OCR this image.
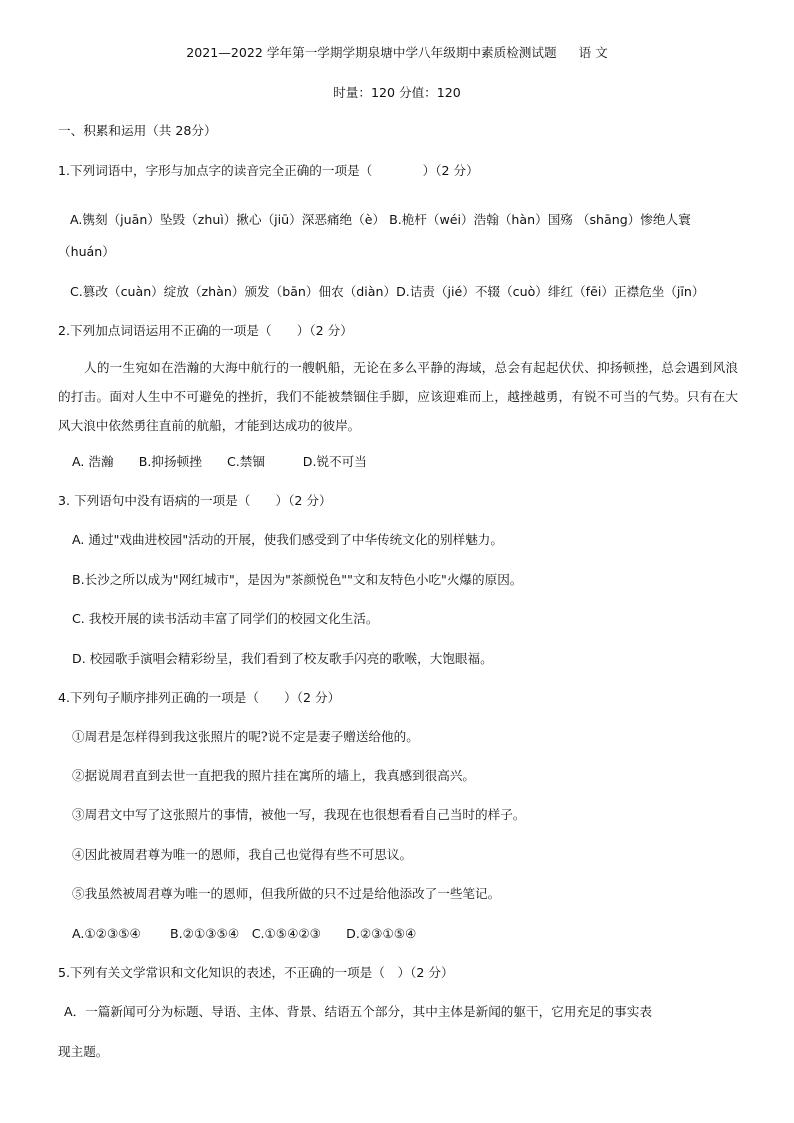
2021—2022 学年第一学期学期泉塘中学八年级期中素质检测试题 语 文
时量：120 分值：120
一、积累和运用（共 28分）
1.下列词语中，字形与加点字的读音完全正确的一项是（　　　　）（2 分）
A.镌刻（juān）坠毁（zhuì）揪心（jiū）深恶痛绝（è） B.桅杆（wéi）浩翰（hàn）国殇 （shāng）惨绝人寰
（huán）
C.篡改（cuàn）绽放（zhàn）颁发（bān）佃农（diàn）D.诘责（jié）不辍（cuò）绯红（fēi）正襟危坐（jīn）
2.下列加点词语运用不正确的一项是（　　）（2 分）
人的一生宛如在浩瀚的大海中航行的一艘帆船，无论在多么平静的海域，总会有起起伏伏、抑扬顿挫，总会遇到风浪的打击。面对人生中不可避免的挫折，我们不能被禁锢住手脚，应该迎难而上，越挫越勇，有锐不可当的气势。只有在大风大浪中依然勇往直前的航船，才能到达成功的彼岸。
A. 浩瀚　　B.抑扬顿挫　　C.禁锢　　　D.锐不可当
3. 下列语句中没有语病的一项是（　　）（2 分）
A. 通过"戏曲进校园"活动的开展，使我们感受到了中华传统文化的别样魅力。
B.长沙之所以成为"网红城市"，是因为"茶颜悦色""文和友特色小吃"火爆的原因。
C. 我校开展的读书活动丰富了同学们的校园文化生活。
D. 校园歌手演唱会精彩纷呈，我们看到了校友歌手闪亮的歌喉，大饱眼福。
4.下列句子顺序排列正确的一项是（　　）（2 分）
①周君是怎样得到我这张照片的呢?说不定是妻子赠送给他的。
②据说周君直到去世一直把我的照片挂在寓所的墙上，我真感到很高兴。
③周君文中写了这张照片的事情，被他一写，我现在也很想看看自己当时的样子。
④因此被周君尊为唯一的恩师，我自己也觉得有些不可思议。
⑤我虽然被周君尊为唯一的恩师，但我所做的只不过是给他添改了一些笔记。
A.①②③⑤④　　 B.②①③⑤④　C.①⑤④②③　　D.②③①⑤④
5.下列有关文学常识和文化知识的表述，不正确的一项是（　）（2 分）
A．一篇新闻可分为标题、导语、主体、背景、结语五个部分，其中主体是新闻的躯干，它用充足的事实表
现主题。
